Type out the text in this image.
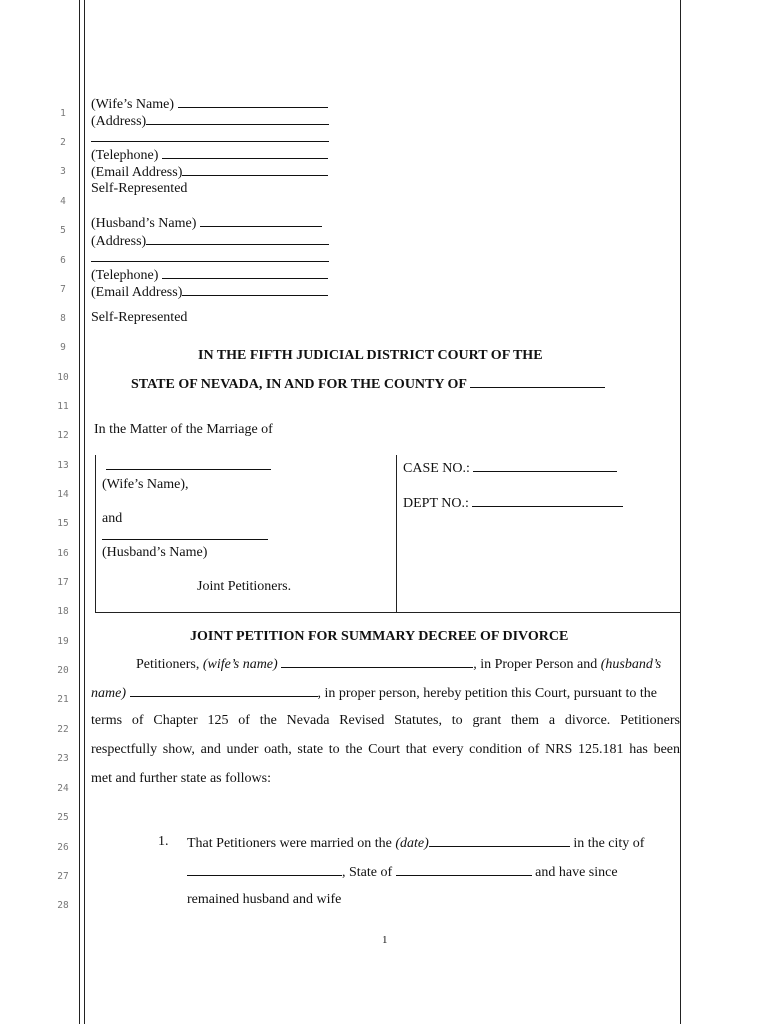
1
2
3
4
5
6
7
8
9
10
11
12
13
14
15
16
17
18
19
20
21
22
23
24
25
26
27
28
(Wife’s Name)
(Address)
(Telephone)
(Email Address)
Self-Represented
(Husband’s Name)
(Address)
(Telephone)
(Email Address)
Self-Represented
IN THE FIFTH JUDICIAL DISTRICT COURT OF THE
STATE OF NEVADA, IN AND FOR THE COUNTY OF
In the Matter of the Marriage of
(Wife’s Name),
and
(Husband’s Name)
Joint Petitioners.
CASE NO.:
DEPT NO.:
JOINT PETITION FOR SUMMARY DECREE OF DIVORCE
Petitioners, (wife’s name)	, in Proper Person and (husband’s
name)	, in proper person, hereby petition this Court, pursuant to the
terms of Chapter 125 of the Nevada Revised Statutes, to grant them a divorce. Petitioners
respectfully show, and under oath, state to the Court that every condition of NRS 125.181 has been
met and further state as follows:
1. That Petitioners were married on the (date)	in the city of
, State of	and have since
remained husband and wife
1
